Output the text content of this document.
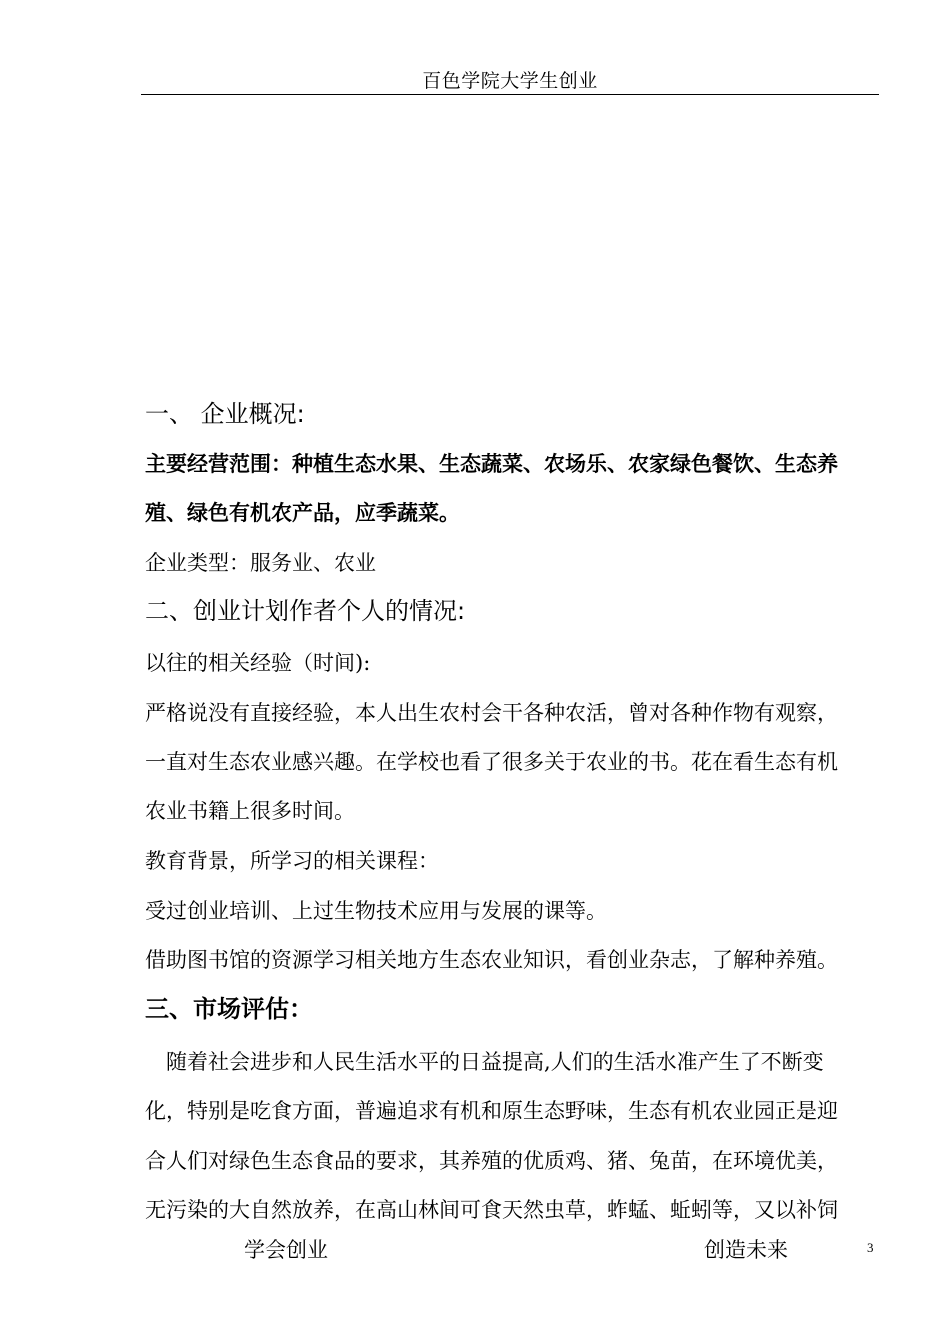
百色学院大学生创业
一、 企业概况:
主要经营范围：种植生态水果、生态蔬菜、农场乐、农家绿色餐饮、生态养
殖、绿色有机农产品，应季蔬菜。
企业类型：服务业、农业
二、创业计划作者个人的情况:
以往的相关经验（时间):
严格说没有直接经验，本人出生农村会干各种农活，曾对各种作物有观察，
一直对生态农业感兴趣。在学校也看了很多关于农业的书。花在看生态有机
农业书籍上很多时间。
教育背景，所学习的相关课程：
受过创业培训、上过生物技术应用与发展的课等。
借助图书馆的资源学习相关地方生态农业知识，看创业杂志，了解种养殖。
三、市场评估：
　随着社会进步和人民生活水平的日益提高,人们的生活水准产生了不断变
化，特别是吃食方面，普遍追求有机和原生态野味，生态有机农业园正是迎
合人们对绿色生态食品的要求，其养殖的优质鸡、猪、兔苗，在环境优美，
无污染的大自然放养，在高山林间可食天然虫草，蚱蜢、蚯蚓等，又以补饲
学会创业	创造未来	3
